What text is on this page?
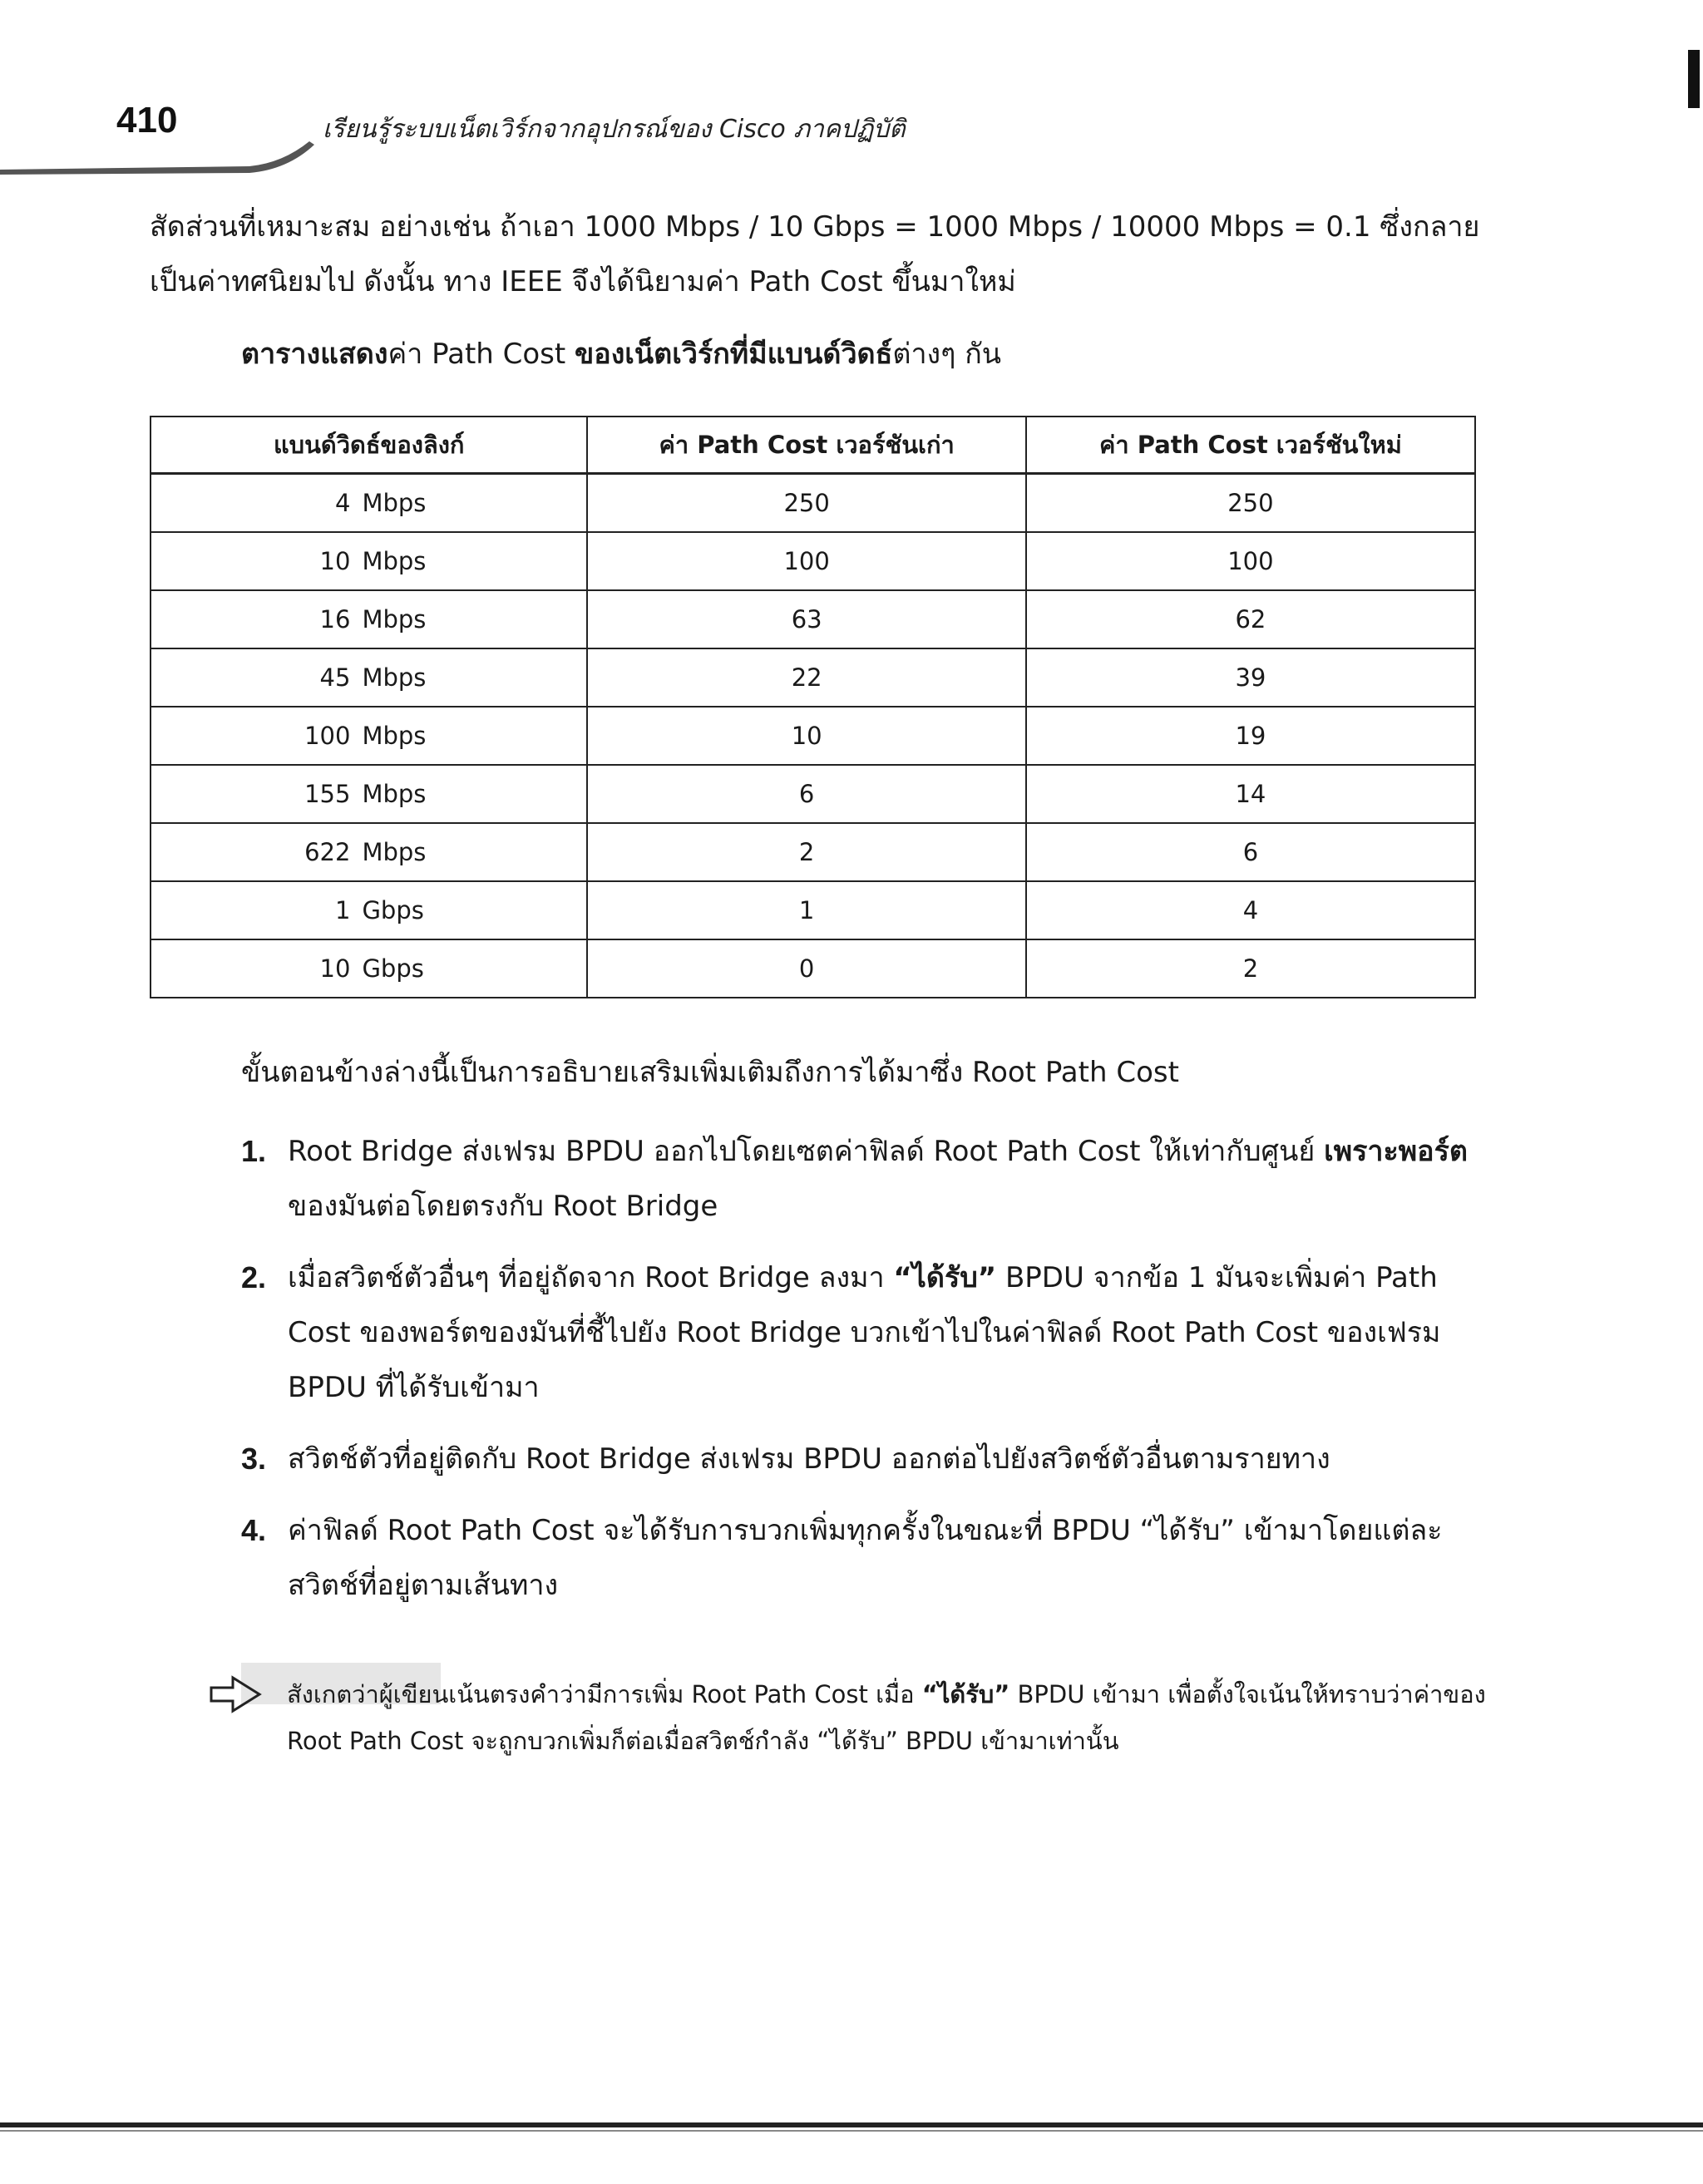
410	เรียนรู้ระบบเน็ตเวิร์กจากอุปกรณ์ของ Cisco ภาคปฏิบัติ
สัดส่วนที่เหมาะสม อย่างเช่น ถ้าเอา 1000 Mbps / 10 Gbps = 1000 Mbps / 10000 Mbps = 0.1 ซึ่งกลาย
เป็นค่าทศนิยมไป ดังนั้น ทาง IEEE จึงได้นิยามค่า Path Cost ขึ้นมาใหม่
ตารางแสดงค่า Path Cost ของเน็ตเวิร์กที่มีแบนด์วิดธ์ต่างๆ กัน
แบนด์วิดธ์ของลิงก์	ค่า Path Cost เวอร์ชันเก่า	ค่า Path Cost เวอร์ชันใหม่
4 Mbps	250	250
10 Mbps	100	100
16 Mbps	63	62
45 Mbps	22	39
100 Mbps	10	19
155 Mbps	6	14
622 Mbps	2	6
1 Gbps	1	4
10 Gbps	0	2
ขั้นตอนข้างล่างนี้เป็นการอธิบายเสริมเพิ่มเติมถึงการได้มาซึ่ง Root Path Cost
1. Root Bridge ส่งเฟรม BPDU ออกไปโดยเซตค่าฟิลด์ Root Path Cost ให้เท่ากับศูนย์ เพราะพอร์ตของมันต่อโดยตรงกับ Root Bridge
2. เมื่อสวิตช์ตัวอื่นๆ ที่อยู่ถัดจาก Root Bridge ลงมา “ได้รับ” BPDU จากข้อ 1 มันจะเพิ่มค่า Path Cost ของพอร์ตของมันที่ชี้ไปยัง Root Bridge บวกเข้าไปในค่าฟิลด์ Root Path Cost ของเฟรม BPDU ที่ได้รับเข้ามา
3. สวิตช์ตัวที่อยู่ติดกับ Root Bridge ส่งเฟรม BPDU ออกต่อไปยังสวิตช์ตัวอื่นตามรายทาง
4. ค่าฟิลด์ Root Path Cost จะได้รับการบวกเพิ่มทุกครั้งในขณะที่ BPDU “ได้รับ” เข้ามาโดยแต่ละสวิตช์ที่อยู่ตามเส้นทาง
สังเกตว่าผู้เขียนเน้นตรงคำว่ามีการเพิ่ม Root Path Cost เมื่อ “ได้รับ” BPDU เข้ามา เพื่อตั้งใจเน้นให้ทราบว่าค่าของ Root Path Cost จะถูกบวกเพิ่มก็ต่อเมื่อสวิตช์กำลัง “ได้รับ” BPDU เข้ามาเท่านั้น
